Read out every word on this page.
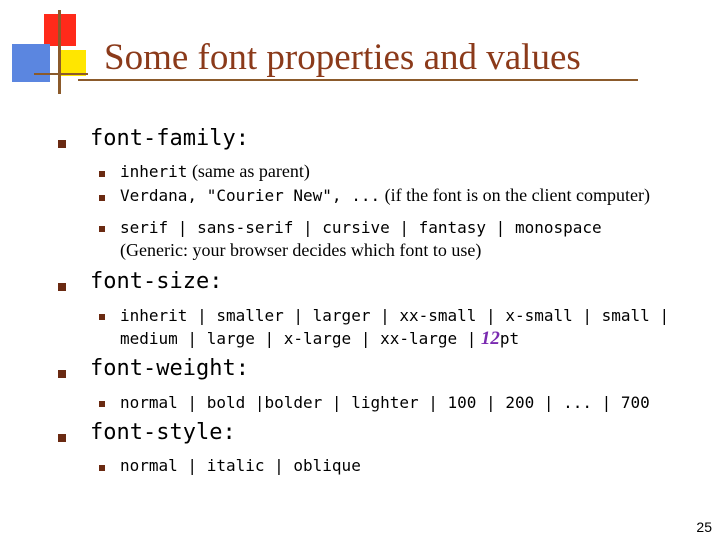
Some font properties and values
font-family:
inherit (same as parent)
Verdana, "Courier New", ... (if the font is on the client computer)
serif | sans-serif | cursive | fantasy | monospace
(Generic: your browser decides which font to use)
font-size:
inherit | smaller | larger | xx-small | x-small | small |
medium | large | x-large | xx-large | 12pt
font-weight:
normal | bold |bolder | lighter | 100 | 200 | ... | 700
font-style:
normal | italic | oblique
25
